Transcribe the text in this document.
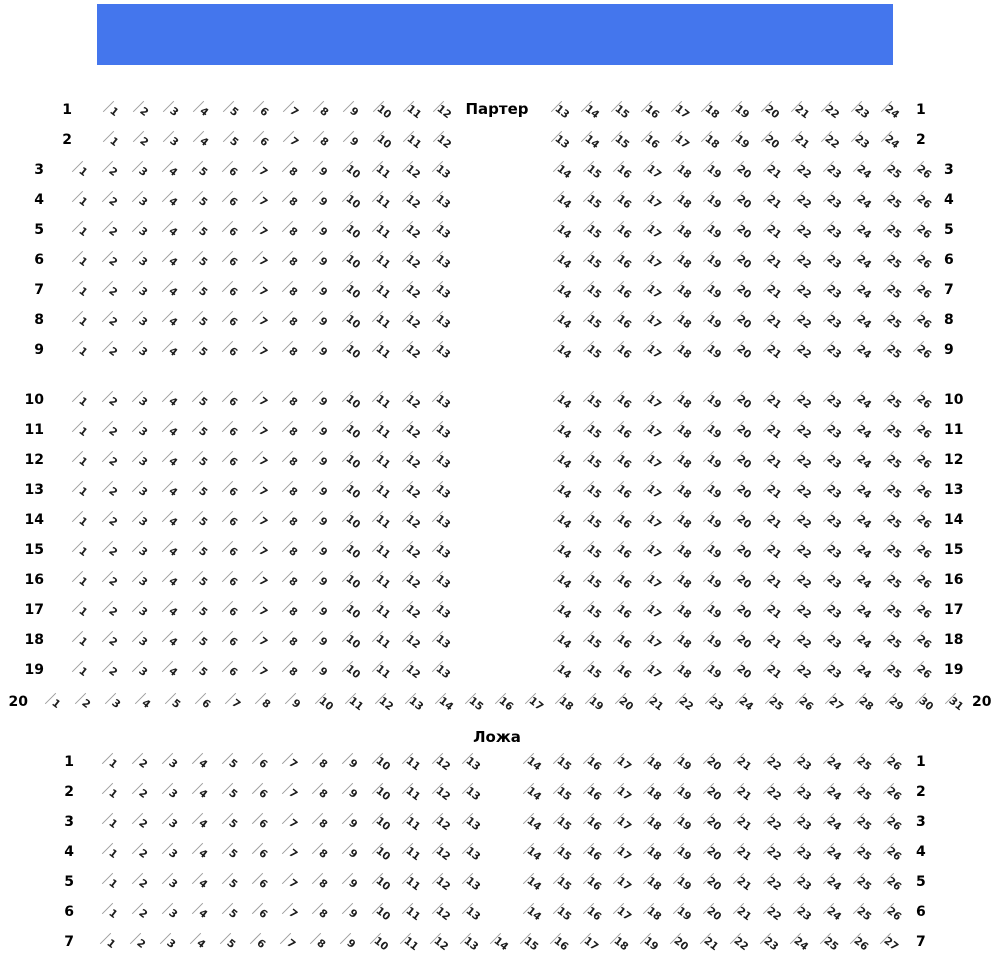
Партер
Ложа
1	1	2	3	4	5	6	7	8	9	10 11 12	13 14 15 16 17 18 19 20 21 22 23 24 1
2	1	2	3	4	5	6	7	8	9	10 11 12	13 14 15 16 17 18 19 20 21 22 23 24 2
3	1	2	3	4	5	6	7	8	9	10 11 12 13	14 15 16 17 18 19 20 21 22 23 24 25 26 3
4	1	2	3	4	5	6	7	8	9	10 11 12 13	14 15 16 17 18 19 20 21 22 23 24 25 26 4
5	1	2	3	4	5	6	7	8	9	10 11 12 13	14 15 16 17 18 19 20 21 22 23 24 25 26 5
6	1	2	3	4	5	6	7	8	9	10 11 12 13	14 15 16 17 18 19 20 21 22 23 24 25 26 6
7	1	2	3	4	5	6	7	8	9	10 11 12 13	14 15 16 17 18 19 20 21 22 23 24 25 26 7
8	1	2	3	4	5	6	7	8	9	10 11 12 13	14 15 16 17 18 19 20 21 22 23 24 25 26 8
9	1	2	3	4	5	6	7	8	9	10 11 12 13	14 15 16 17 18 19 20 21 22 23 24 25 26 9
10	1	2	3	4	5	6	7	8	9	10 11 12 13	14 15 16 17 18 19 20 21 22 23 24 25 26 10
11	1	2	3	4	5	6	7	8	9	10 11 12 13	14 15 16 17 18 19 20 21 22 23 24 25 26 11
12	1	2	3	4	5	6	7	8	9	10 11 12 13	14 15 16 17 18 19 20 21 22 23 24 25 26 12
13	1	2	3	4	5	6	7	8	9	10 11 12 13	14 15 16 17 18 19 20 21 22 23 24 25 26 13
14	1	2	3	4	5	6	7	8	9	10 11 12 13	14 15 16 17 18 19 20 21 22 23 24 25 26 14
15	1	2	3	4	5	6	7	8	9	10 11 12 13	14 15 16 17 18 19 20 21 22 23 24 25 26 15
16	1	2	3	4	5	6	7	8	9	10 11 12 13	14 15 16 17 18 19 20 21 22 23 24 25 26 16
17	1	2	3	4	5	6	7	8	9	10 11 12 13	14 15 16 17 18 19 20 21 22 23 24 25 26 17
18	1	2	3	4	5	6	7	8	9	10 11 12 13	14 15 16 17 18 19 20 21 22 23 24 25 26 18
19	1	2	3	4	5	6	7	8	9	10 11 12 13	14 15 16 17 18 19 20 21 22 23 24 25 26 19
20	1	2	3	4	5	6	7	8	9	10 11 12 13 14 15 16 17 18 19 20 21 22 23 24 25 26 27 28 29 30 31 20
1	1	2	3	4	5	6	7	8	9	10 11 12 13	14 15 16 17 18 19 20 21 22 23 24 25 26 1
2	1	2	3	4	5	6	7	8	9	10 11 12 13	14 15 16 17 18 19 20 21 22 23 24 25 26 2
3	1	2	3	4	5	6	7	8	9	10 11 12 13	14 15 16 17 18 19 20 21 22 23 24 25 26 3
4	1	2	3	4	5	6	7	8	9	10 11 12 13	14 15 16 17 18 19 20 21 22 23 24 25 26 4
5	1	2	3	4	5	6	7	8	9	10 11 12 13	14 15 16 17 18 19 20 21 22 23 24 25 26 5
6	1	2	3	4	5	6	7	8	9	10 11 12 13	14 15 16 17 18 19 20 21 22 23 24 25 26 6
7	1	2	3	4	5	6	7	8	9	10 11 12 13 14 15 16 17 18 19 20 21 22 23 24 25 26 27 7
